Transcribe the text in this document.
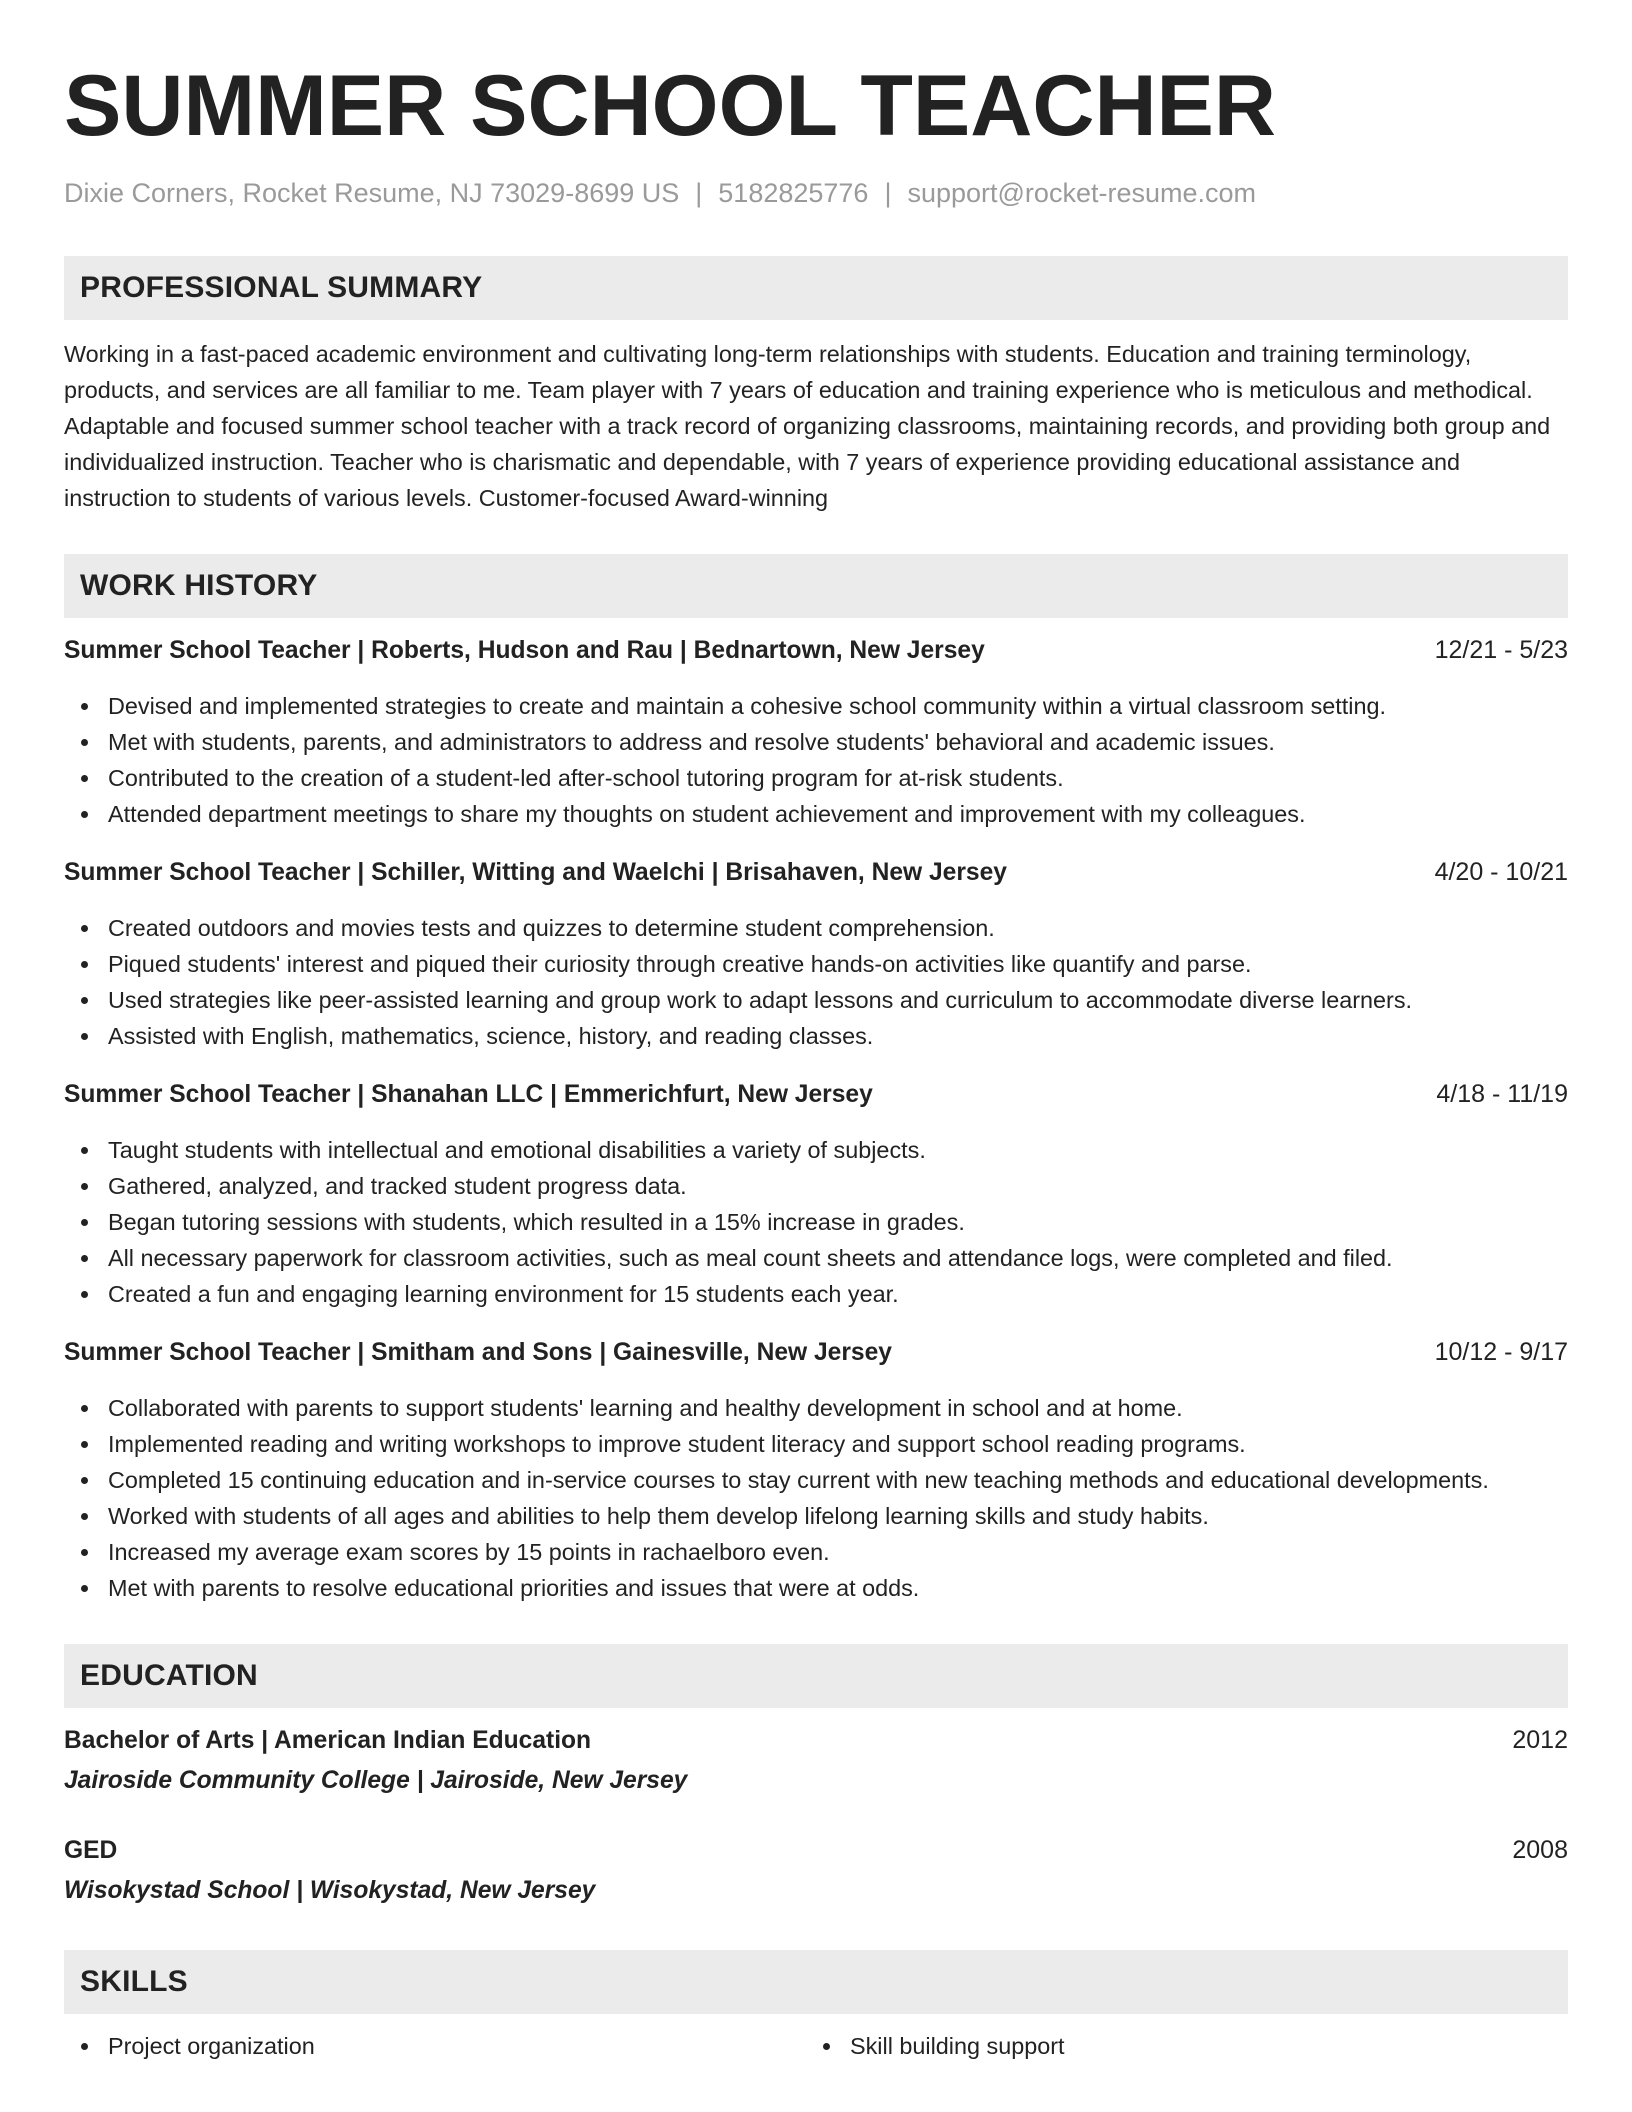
SUMMER SCHOOL TEACHER
Dixie Corners, Rocket Resume, NJ 73029-8699 US | 5182825776 | support@rocket-resume.com
PROFESSIONAL SUMMARY

Working in a fast-paced academic environment and cultivating long-term relationships with students. Education and training terminology, products, and services are all familiar to me. Team player with 7 years of education and training experience who is meticulous and methodical. Adaptable and focused summer school teacher with a track record of organizing classrooms, maintaining records, and providing both group and individualized instruction. Teacher who is charismatic and dependable, with 7 years of experience providing educational assistance and instruction to students of various levels. Customer-focused Award-winning

WORK HISTORY
Summer School Teacher | Roberts, Hudson and Rau | Bednartown, New Jersey	12/21 - 5/23
Devised and implemented strategies to create and maintain a cohesive school community within a virtual classroom setting.
Met with students, parents, and administrators to address and resolve students' behavioral and academic issues.
Contributed to the creation of a student-led after-school tutoring program for at-risk students.
Attended department meetings to share my thoughts on student achievement and improvement with my colleagues.
Summer School Teacher | Schiller, Witting and Waelchi | Brisahaven, New Jersey	4/20 - 10/21
Created outdoors and movies tests and quizzes to determine student comprehension.
Piqued students' interest and piqued their curiosity through creative hands-on activities like quantify and parse.
Used strategies like peer-assisted learning and group work to adapt lessons and curriculum to accommodate diverse learners.
Assisted with English, mathematics, science, history, and reading classes.
Summer School Teacher | Shanahan LLC | Emmerichfurt, New Jersey	4/18 - 11/19
Taught students with intellectual and emotional disabilities a variety of subjects.
Gathered, analyzed, and tracked student progress data.
Began tutoring sessions with students, which resulted in a 15% increase in grades.
All necessary paperwork for classroom activities, such as meal count sheets and attendance logs, were completed and filed.
Created a fun and engaging learning environment for 15 students each year.
Summer School Teacher | Smitham and Sons | Gainesville, New Jersey	10/12 - 9/17
Collaborated with parents to support students' learning and healthy development in school and at home.
Implemented reading and writing workshops to improve student literacy and support school reading programs.
Completed 15 continuing education and in-service courses to stay current with new teaching methods and educational developments.
Worked with students of all ages and abilities to help them develop lifelong learning skills and study habits.
Increased my average exam scores by 15 points in rachaelboro even.
Met with parents to resolve educational priorities and issues that were at odds.
EDUCATION
Bachelor of Arts | American Indian Education	2012
Jairoside Community College | Jairoside, New Jersey
GED	2008
Wisokystad School | Wisokystad, New Jersey
SKILLS
Project organization	Skill building support
